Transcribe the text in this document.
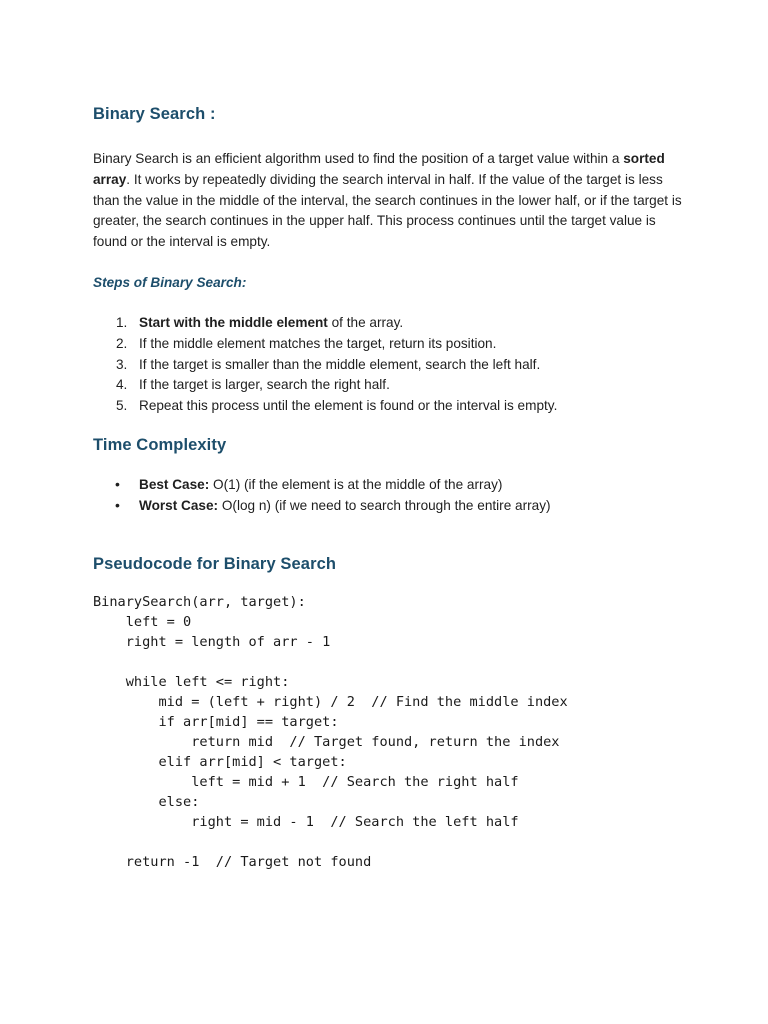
Binary Search :

Binary Search is an efficient algorithm used to find the position of a target value within a sorted array. It works by repeatedly dividing the search interval in half. If the value of the target is less than the value in the middle of the interval, the search continues in the lower half, or if the target is greater, the search continues in the upper half. This process continues until the target value is found or the interval is empty.

Steps of Binary Search:
1. Start with the middle element of the array.
2. If the middle element matches the target, return its position.
3. If the target is smaller than the middle element, search the left half.
4. If the target is larger, search the right half.
5. Repeat this process until the element is found or the interval is empty.
Time Complexity
• Best Case: O(1) (if the element is at the middle of the array)
• Worst Case: O(log n) (if we need to search through the entire array)
Pseudocode for Binary Search
BinarySearch(arr, target):
left = 0
right = length of arr - 1
while left <= right:
mid = (left + right) / 2  // Find the middle index
if arr[mid] == target:
return mid  // Target found, return the index
elif arr[mid] < target:
left = mid + 1  // Search the right half
else:
right = mid - 1  // Search the left half
return -1  // Target not found
